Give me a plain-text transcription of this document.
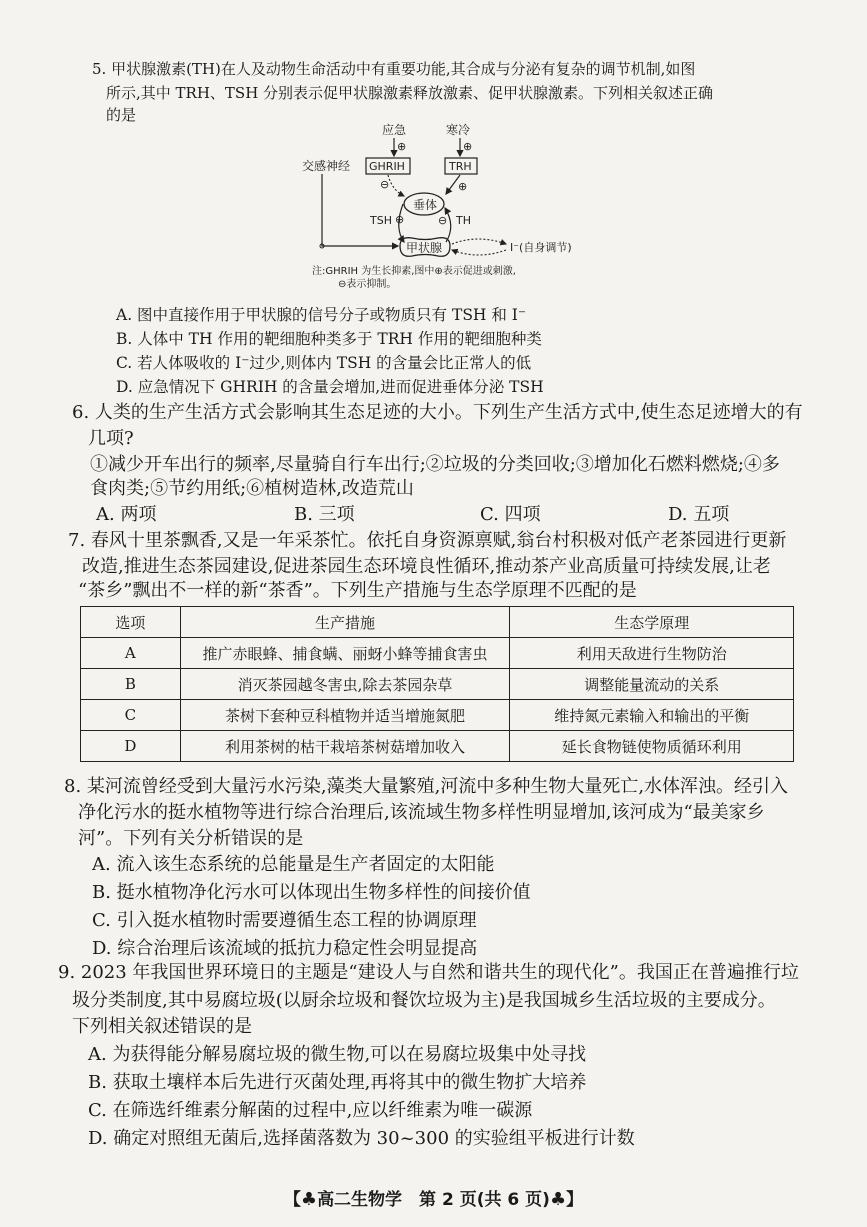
5. 甲状腺激素(TH)在人及动物生命活动中有重要功能,其合成与分泌有复杂的调节机制,如图
所示,其中 TRH、TSH 分别表示促甲状腺激素释放激素、促甲状腺激素。下列相关叙述正确
的是
应急	寒冷
⊕	⊕
GHRIH	TRH
交感神经
⊖	⊕
垂体
TSH ⊕	⊖ TH
甲状腺	I⁻(自身调节)
注:GHRIH 为生长抑素,图中⊕表示促进或刺激,
⊖表示抑制。
A. 图中直接作用于甲状腺的信号分子或物质只有 TSH 和 I⁻
B. 人体中 TH 作用的靶细胞种类多于 TRH 作用的靶细胞种类
C. 若人体吸收的 I⁻过少,则体内 TSH 的含量会比正常人的低
D. 应急情况下 GHRIH 的含量会增加,进而促进垂体分泌 TSH
6. 人类的生产生活方式会影响其生态足迹的大小。下列生产生活方式中,使生态足迹增大的有
几项?
①减少开车出行的频率,尽量骑自行车出行;②垃圾的分类回收;③增加化石燃料燃烧;④多
食肉类;⑤节约用纸;⑥植树造林,改造荒山
A. 两项	B. 三项	C. 四项	D. 五项
7. 春风十里茶飘香,又是一年采茶忙。依托自身资源禀赋,翁台村积极对低产老茶园进行更新
改造,推进生态茶园建设,促进茶园生态环境良性循环,推动茶产业高质量可持续发展,让老
“茶乡”飘出不一样的新“茶香”。下列生产措施与生态学原理不匹配的是
选项	生产措施	生态学原理
A	推广赤眼蜂、捕食螨、丽蚜小蜂等捕食害虫	利用天敌进行生物防治
B	消灭茶园越冬害虫,除去茶园杂草	调整能量流动的关系
C	茶树下套种豆科植物并适当增施氮肥	维持氮元素输入和输出的平衡
D	利用茶树的枯干栽培茶树菇增加收入	延长食物链使物质循环利用
8. 某河流曾经受到大量污水污染,藻类大量繁殖,河流中多种生物大量死亡,水体浑浊。经引入
净化污水的挺水植物等进行综合治理后,该流域生物多样性明显增加,该河成为“最美家乡
河”。下列有关分析错误的是
A. 流入该生态系统的总能量是生产者固定的太阳能
B. 挺水植物净化污水可以体现出生物多样性的间接价值
C. 引入挺水植物时需要遵循生态工程的协调原理
D. 综合治理后该流域的抵抗力稳定性会明显提高
9. 2023 年我国世界环境日的主题是“建设人与自然和谐共生的现代化”。我国正在普遍推行垃
圾分类制度,其中易腐垃圾(以厨余垃圾和餐饮垃圾为主)是我国城乡生活垃圾的主要成分。
下列相关叙述错误的是
A. 为获得能分解易腐垃圾的微生物,可以在易腐垃圾集中处寻找
B. 获取土壤样本后先进行灭菌处理,再将其中的微生物扩大培养
C. 在筛选纤维素分解菌的过程中,应以纤维素为唯一碳源
D. 确定对照组无菌后,选择菌落数为 30~300 的实验组平板进行计数
【♣高二生物学　第 2 页(共 6 页)♣】
